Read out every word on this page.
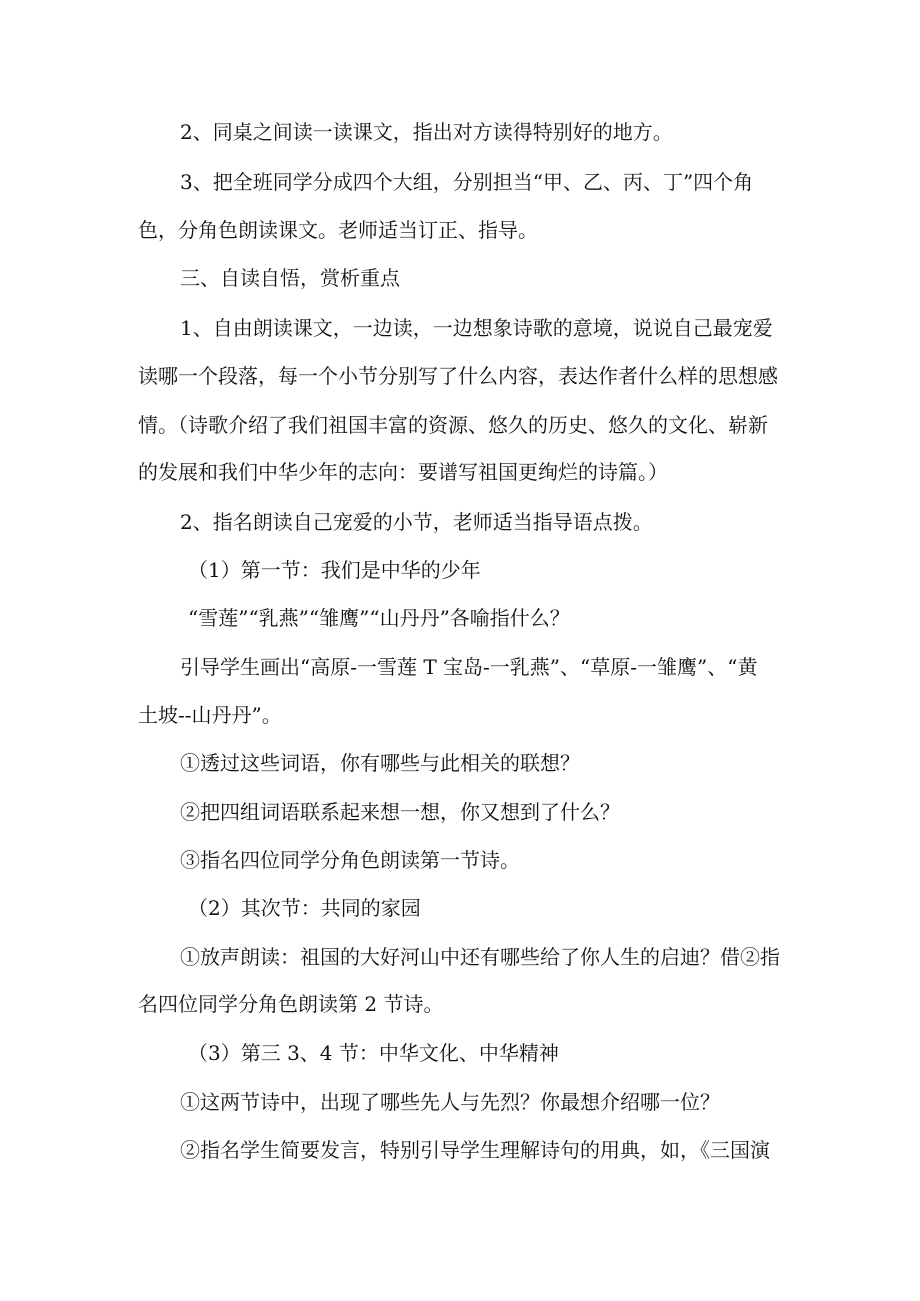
2、同桌之间读一读课文，指出对方读得特别好的地方。
3、把全班同学分成四个大组，分别担当“甲、乙、丙、丁”四个角
色，分角色朗读课文。老师适当订正、指导。
三、自读自悟，赏析重点
1、自由朗读课文，一边读，一边想象诗歌的意境，说说自己最宠爱
读哪一个段落，每一个小节分别写了什么内容，表达作者什么样的思想感
情。（诗歌介绍了我们祖国丰富的资源、悠久的历史、悠久的文化、崭新
的发展和我们中华少年的志向：要谱写祖国更绚烂的诗篇。）
2、指名朗读自己宠爱的小节，老师适当指导语点拨。
（1）第一节：我们是中华的少年
“雪莲”“乳燕”“雏鹰”“山丹丹”各喻指什么？
引导学生画出“高原-一雪莲 T 宝岛-一乳燕”、“草原-一雏鹰”、“黄
土坡--山丹丹”。
①透过这些词语，你有哪些与此相关的联想？
②把四组词语联系起来想一想，你又想到了什么？
③指名四位同学分角色朗读第一节诗。
（2）其次节：共同的家园
①放声朗读：祖国的大好河山中还有哪些给了你人生的启迪？借②指
名四位同学分角色朗读第 2 节诗。
（3）第三 3、4 节：中华文化、中华精神
①这两节诗中，出现了哪些先人与先烈？你最想介绍哪一位？
②指名学生简要发言，特别引导学生理解诗句的用典，如，《三国演
